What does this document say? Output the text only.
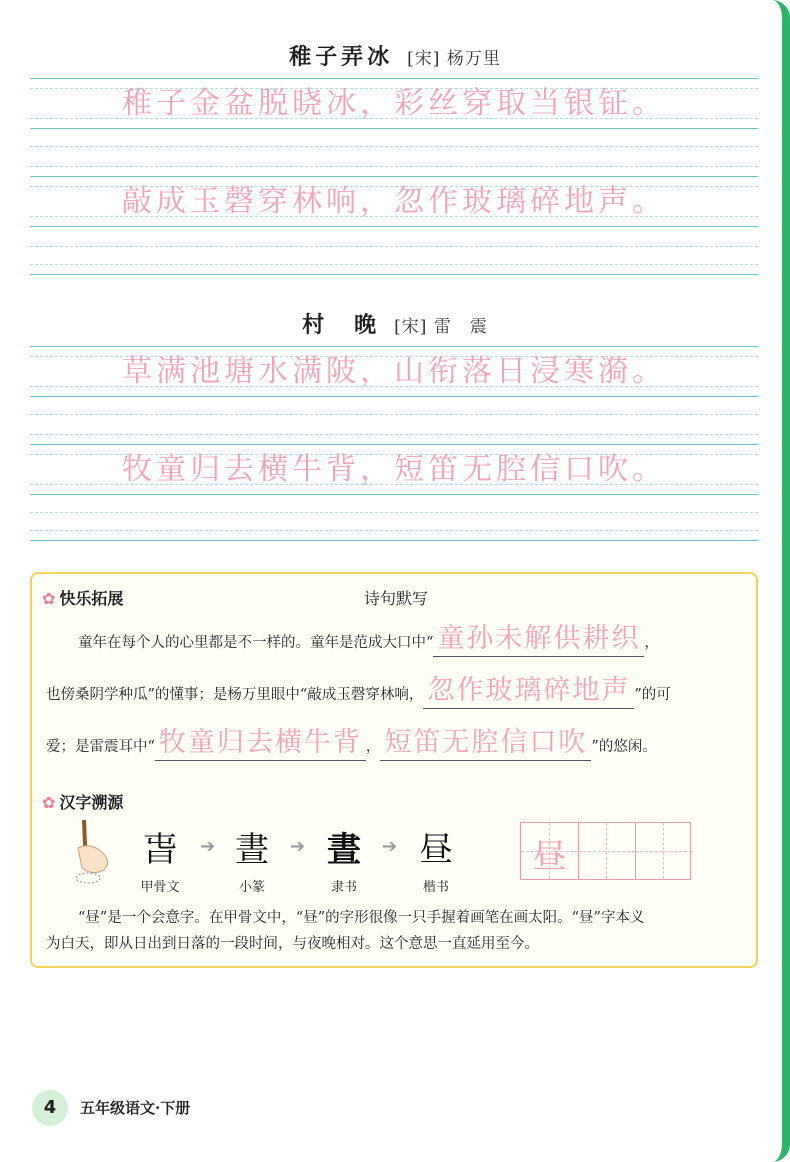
稚子弄冰 [宋] 杨万里
稚子金盆脱晓冰，彩丝穿取当银钲。
敲成玉磬穿林响，忽作玻璃碎地声。
村　晚 [宋] 雷　震
草满池塘水满陂，山衔落日浸寒漪。
牧童归去横牛背，短笛无腔信口吹。
✿ 快乐拓展	诗句默写
童年在每个人的心里都是不一样的。童年是范成大口中“ 童孙未解供耕织 ，
也傍桑阴学种瓜”的懂事；是杨万里眼中“敲成玉磬穿林响， 忽作玻璃碎地声 ”的可
爱；是雷震耳中“ 牧童归去横牛背 ， 短笛无腔信口吹 ”的悠闲。
✿ 汉字溯源
旾 ➔ 晝 ➔ 晝 ➔ 昼
甲骨文	小篆	隶书	楷书
昼
“昼”是一个会意字。在甲骨文中，“昼”的字形很像一只手握着画笔在画太阳。“昼”字本义
为白天，即从日出到日落的一段时间，与夜晚相对。这个意思一直延用至今。
4	五年级语文·下册
